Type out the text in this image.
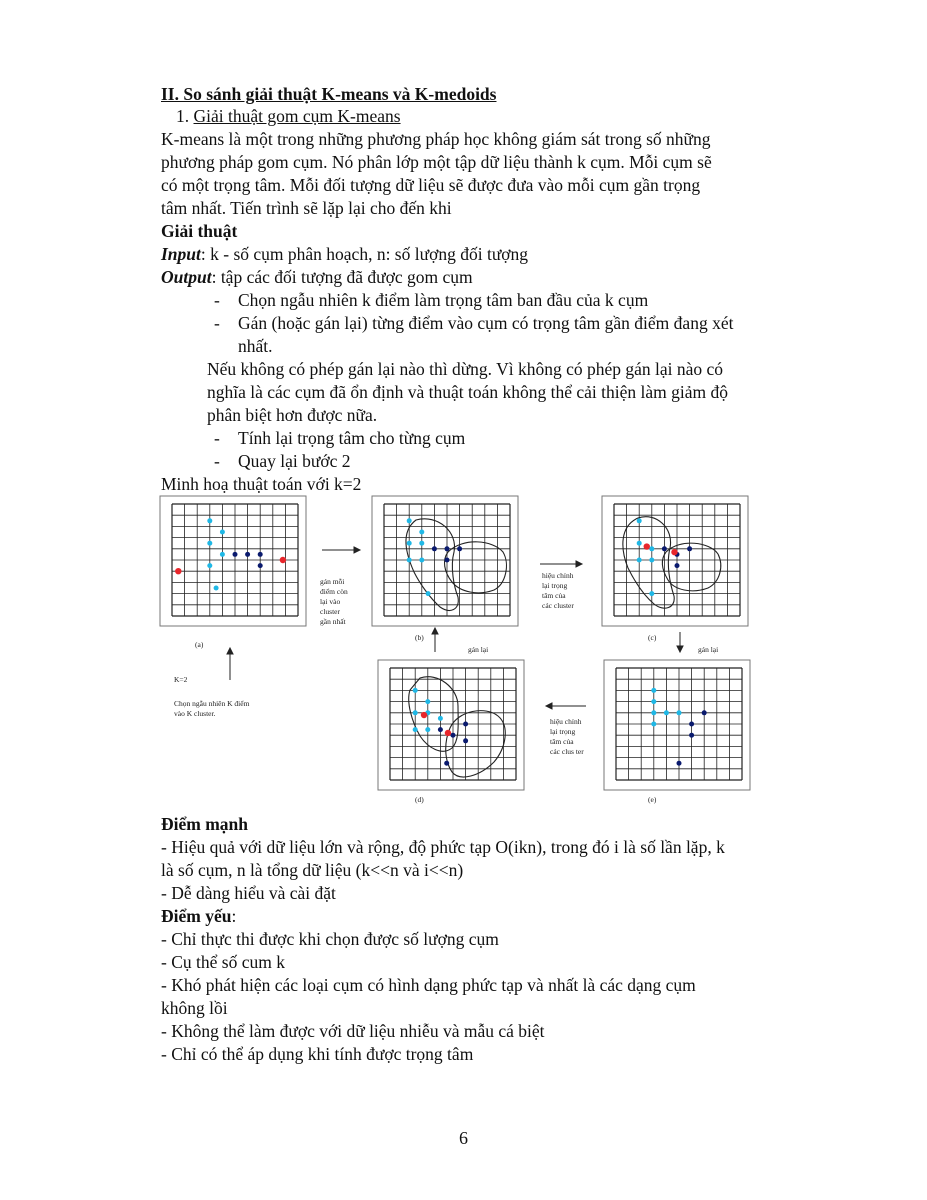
II. So sánh giải thuật K-means và K-medoids
1. Giải thuật gom cụm K-means
K-means là một trong những phương pháp học không giám sát trong số những
phương pháp gom cụm. Nó phân lớp một tập dữ liệu thành k cụm. Mỗi cụm sẽ
có một trọng tâm. Mỗi đối tượng dữ liệu sẽ được đưa vào mỗi cụm gần trọng
tâm nhất. Tiến trình sẽ lặp lại cho đến khi
Giải thuật
Input: k - số cụm phân hoạch, n: số lượng đối tượng
Output: tập các đối tượng đã được gom cụm
- Chọn ngẫu nhiên k điểm làm trọng tâm ban đầu của k cụm
- Gán (hoặc gán lại) từng điểm vào cụm có trọng tâm gần điểm đang xét
nhất.
Nếu không có phép gán lại nào thì dừng. Vì không có phép gán lại nào có
nghĩa là các cụm đã ổn định và thuật toán không thể cải thiện làm giảm độ
phân biệt hơn được nữa.
- Tính lại trọng tâm cho từng cụm
- Quay lại bước 2
Minh hoạ thuật toán với k=2
(a)
(b)	(c)
(d)	(e)
K=2
Chọn ngẫu nhiên K điểm
vào K cluster.
gán mỗi
điểm còn
lại vào
cluster
gần nhất
hiệu chỉnh
lại trọng
tâm của
các cluster
hiệu chỉnh
lại trọng
tâm của
các clus ter
gán lại	gán lại
Điểm mạnh
- Hiệu quả với dữ liệu lớn và rộng, độ phức tạp O(ikn), trong đó i là số lần lặp, k
là số cụm, n là tổng dữ liệu (k<<n và i<<n)
- Dễ dàng hiểu và cài đặt
Điểm yếu:
- Chỉ thực thi được khi chọn được số lượng cụm
- Cụ thể số cum k
- Khó phát hiện các loại cụm có hình dạng phức tạp và nhất là các dạng cụm
không lồi
- Không thể làm được với dữ liệu nhiễu và mẫu cá biệt
- Chỉ có thể áp dụng khi tính được trọng tâm
6
